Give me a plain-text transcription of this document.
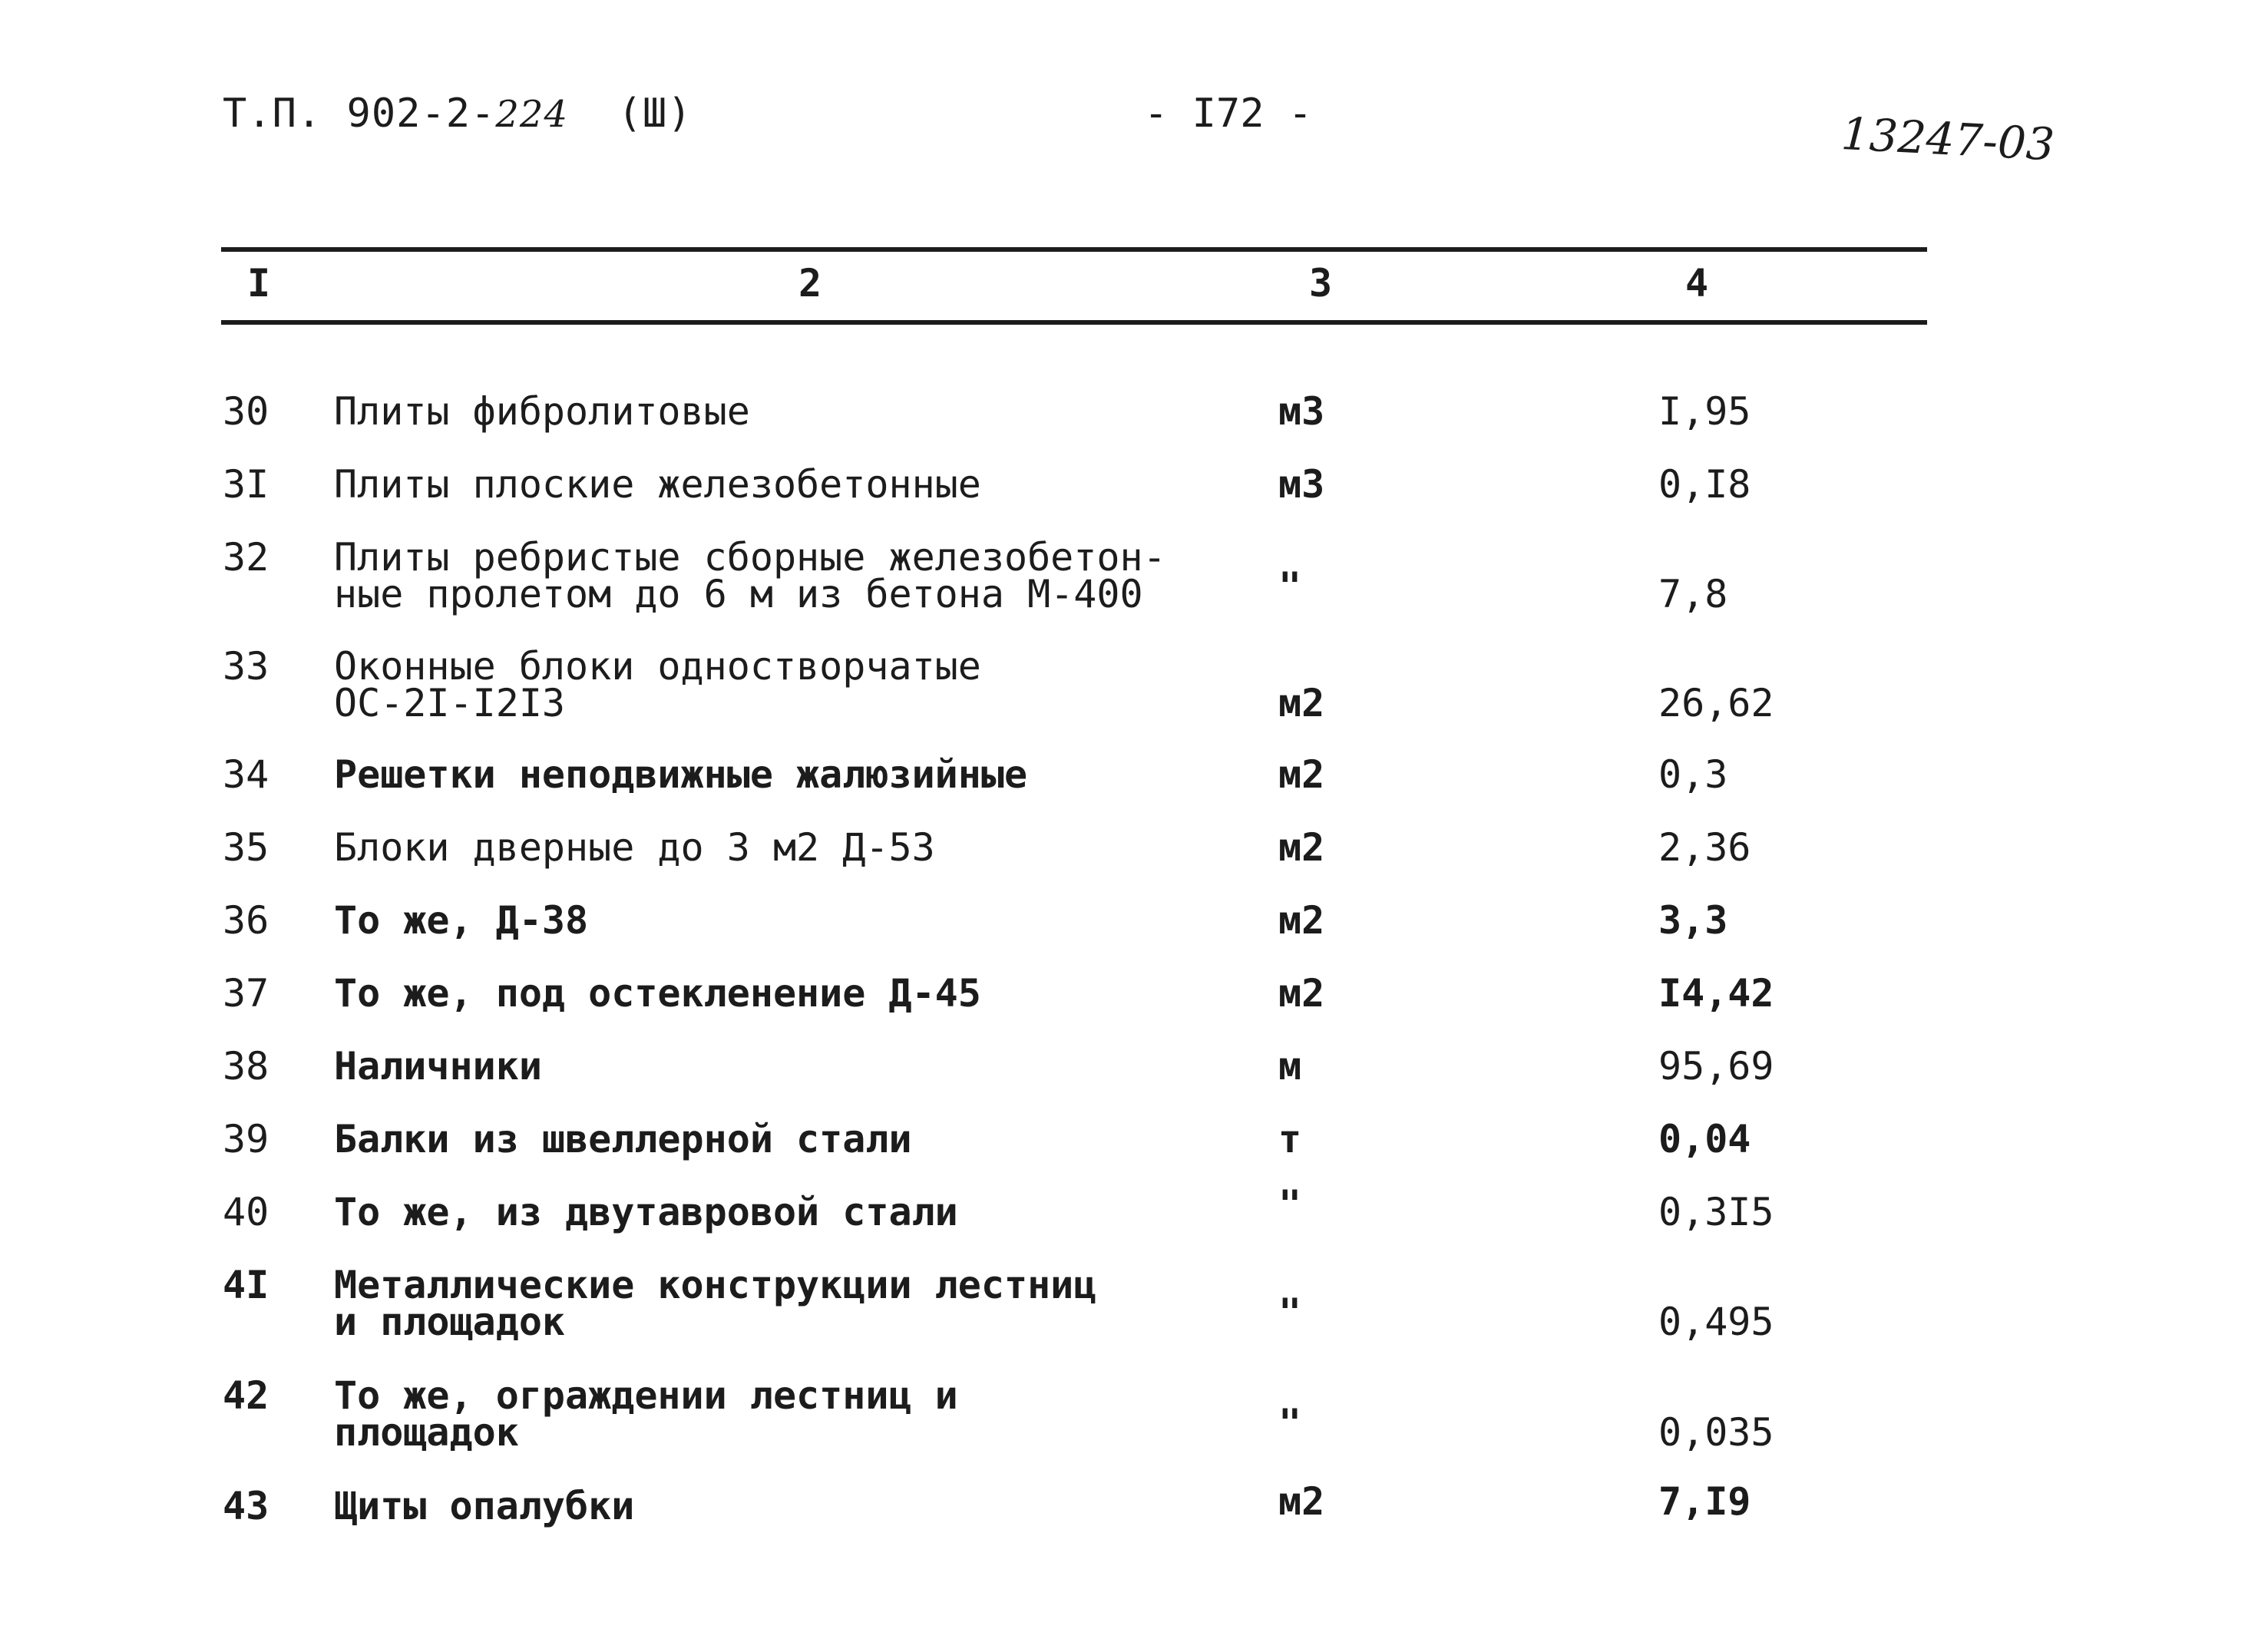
Т.П. 902-2-224 (Ш)	- I72 -	13247-03
I	2	3	4
30 Плиты фибролитовые	м3	I,95
3I Плиты плоские железобетонные	м3	0,I8
32 Плиты ребристые сборные железобетон-
ные пролетом до 6 м из бетона М-400	"	7,8
33 Оконные блоки одностворчатые
ОС-2I-I2I3	м2	26,62
34 Решетки неподвижные жалюзийные	м2	0,3
35 Блоки дверные до 3 м2 Д-53	м2	2,36
36 То же, Д-38	м2	3,3
37 То же, под остекленение Д-45	м2	I4,42
38 Наличники	м	95,69
39 Балки из швеллерной стали	т	0,04
40 То же, из двутавровой стали	"	0,3I5
4I Металлические конструкции лестниц
и площадок	"	0,495
42 То же, ограждении лестниц и
площадок	"	0,035
43 Щиты опалубки	м2	7,I9
